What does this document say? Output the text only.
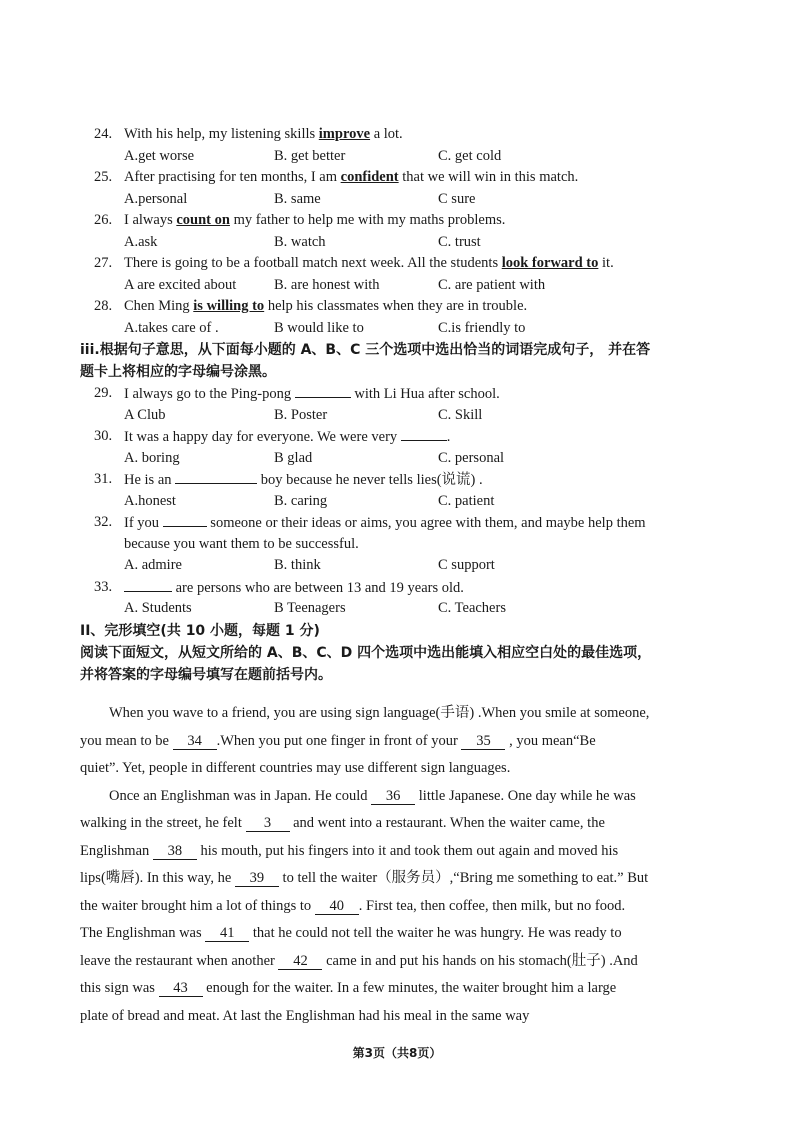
24. With his help, my listening skills improve a lot.
A.get worse	B. get better	C. get cold
25. After practising for ten months, I am confident that we will win in this match.
A.personal	B. same	C sure
26. I always count on my father to help me with my maths problems.
A.ask	B. watch	C. trust
27. There is going to be a football match next week. All the students look forward to it.
A are excited about	B. are honest with	C. are patient with
28. Chen Ming is willing to help his classmates when they are in trouble.
A.takes care of .	B would like to	C.is friendly to
iii.根据句子意思，从下面每小题的 A、B、C 三个选项中选出恰当的词语完成句子， 并在答
题卡上将相应的字母编号涂黑。
29. I always go to the Ping-pong	with Li Hua after school.
A Club	B. Poster	C. Skill
30. It was a happy day for everyone. We were very	.
A. boring	B glad	C. personal
31. He is an	boy because he never tells lies(说谎) .
A.honest	B. caring	C. patient
32. If you	someone or their ideas or aims, you agree with them, and maybe help them
because you want them to be successful.
A. admire	B. think	C support
33.	are persons who are between 13 and 19 years old.
A. Students	B Teenagers	C. Teachers
II、完形填空(共 10 小题，每题 1 分)
阅读下面短文，从短文所给的 A、B、C、D 四个选项中选出能填入相应空白处的最佳选项，
并将答案的字母编号填写在题前括号内。
When you wave to a friend, you are using sign language(手语) .When you smile at someone,
you mean to be 34 .When you put one finger in front of your 35 , you mean“Be
quiet”. Yet, people in different countries may use different sign languages.
Once an Englishman was in Japan. He could 36 little Japanese. One day while he was
walking in the street, he felt 3 and went into a restaurant. When the waiter came, the
Englishman 38 his mouth, put his fingers into it and took them out again and moved his
lips(嘴唇). In this way, he 39 to tell the waiter（服务员）,“Bring me something to eat.” But
the waiter brought him a lot of things to 40 . First tea, then coffee, then milk, but no food.
The Englishman was 41 that he could not tell the waiter he was hungry. He was ready to
leave the restaurant when another 42 came in and put his hands on his stomach(肚子) .And
this sign was 43 enough for the waiter. In a few minutes, the waiter brought him a large
plate of bread and meat. At last the Englishman had his meal in the same way
第3页（共8页）
